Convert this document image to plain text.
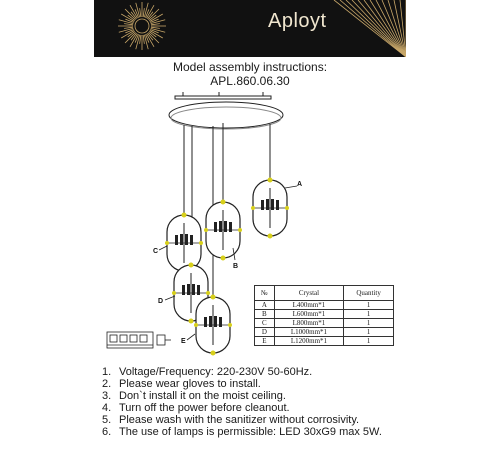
Aployt
Model assembly instructions:
APL.860.06.30
A
B
C
D
E
№	Crystal	Quantity
A	L400mm*1	1
B	L600mm*1	1
C	L800mm*1	1
D	L1000mm*1	1
E	L1200mm*1	1
1. Voltage/Frequency: 220-230V 50-60Hz.
2. Please wear gloves to install.
3. Don`t install it on the moist ceiling.
4. Turn off the power before cleanout.
5. Please wash with the sanitizer without corrosivity.
6. The use of lamps is permissible: LED 30xG9 max 5W.
